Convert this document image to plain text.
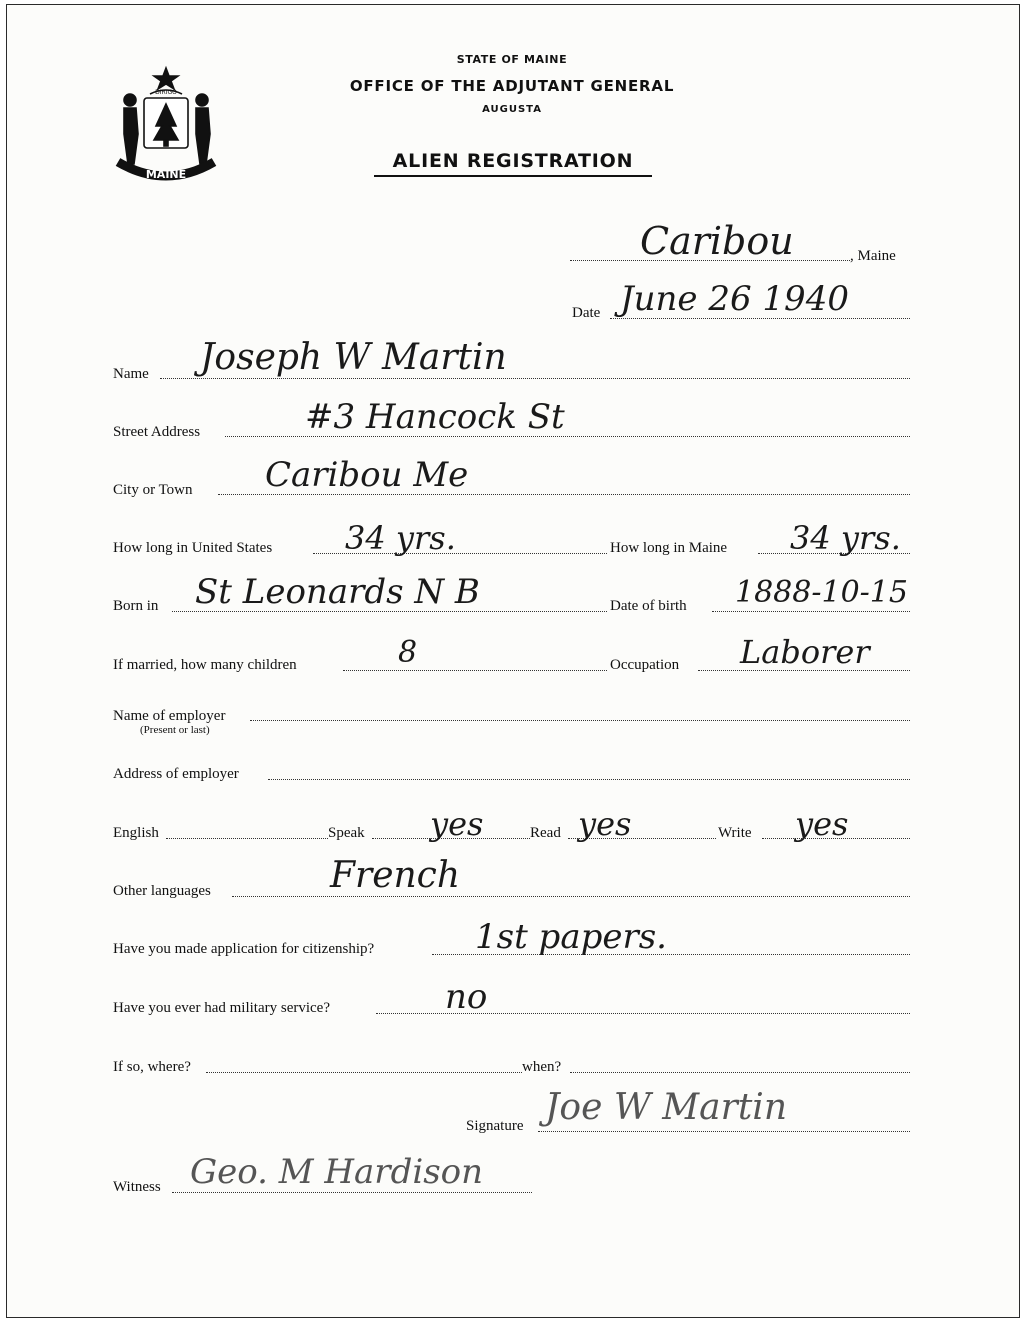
MAINE
DIRIGO
STATE OF MAINE
OFFICE OF THE ADJUTANT GENERAL
AUGUSTA
ALIEN REGISTRATION
Caribou	, Maine
Date June 26 1940
Name Joseph W Martin
Street Address	#3 Hancock St
City or Town Caribou Me
How long in United States 34 yrs.	How long in Maine 34 yrs.
Born in St Leonards N B	Date of birth 1888-10-15
If married, how many children	8	Occupation Laborer
Name of employer
(Present or last)
Address of employer
English	Speak yes	Read yes	Write yes
Other languages	French
Have you made application for citizenship?	1st papers.
Have you ever had military service?	no
If so, where?	when?
Signature Joe W Martin
Witness Geo. M Hardison
